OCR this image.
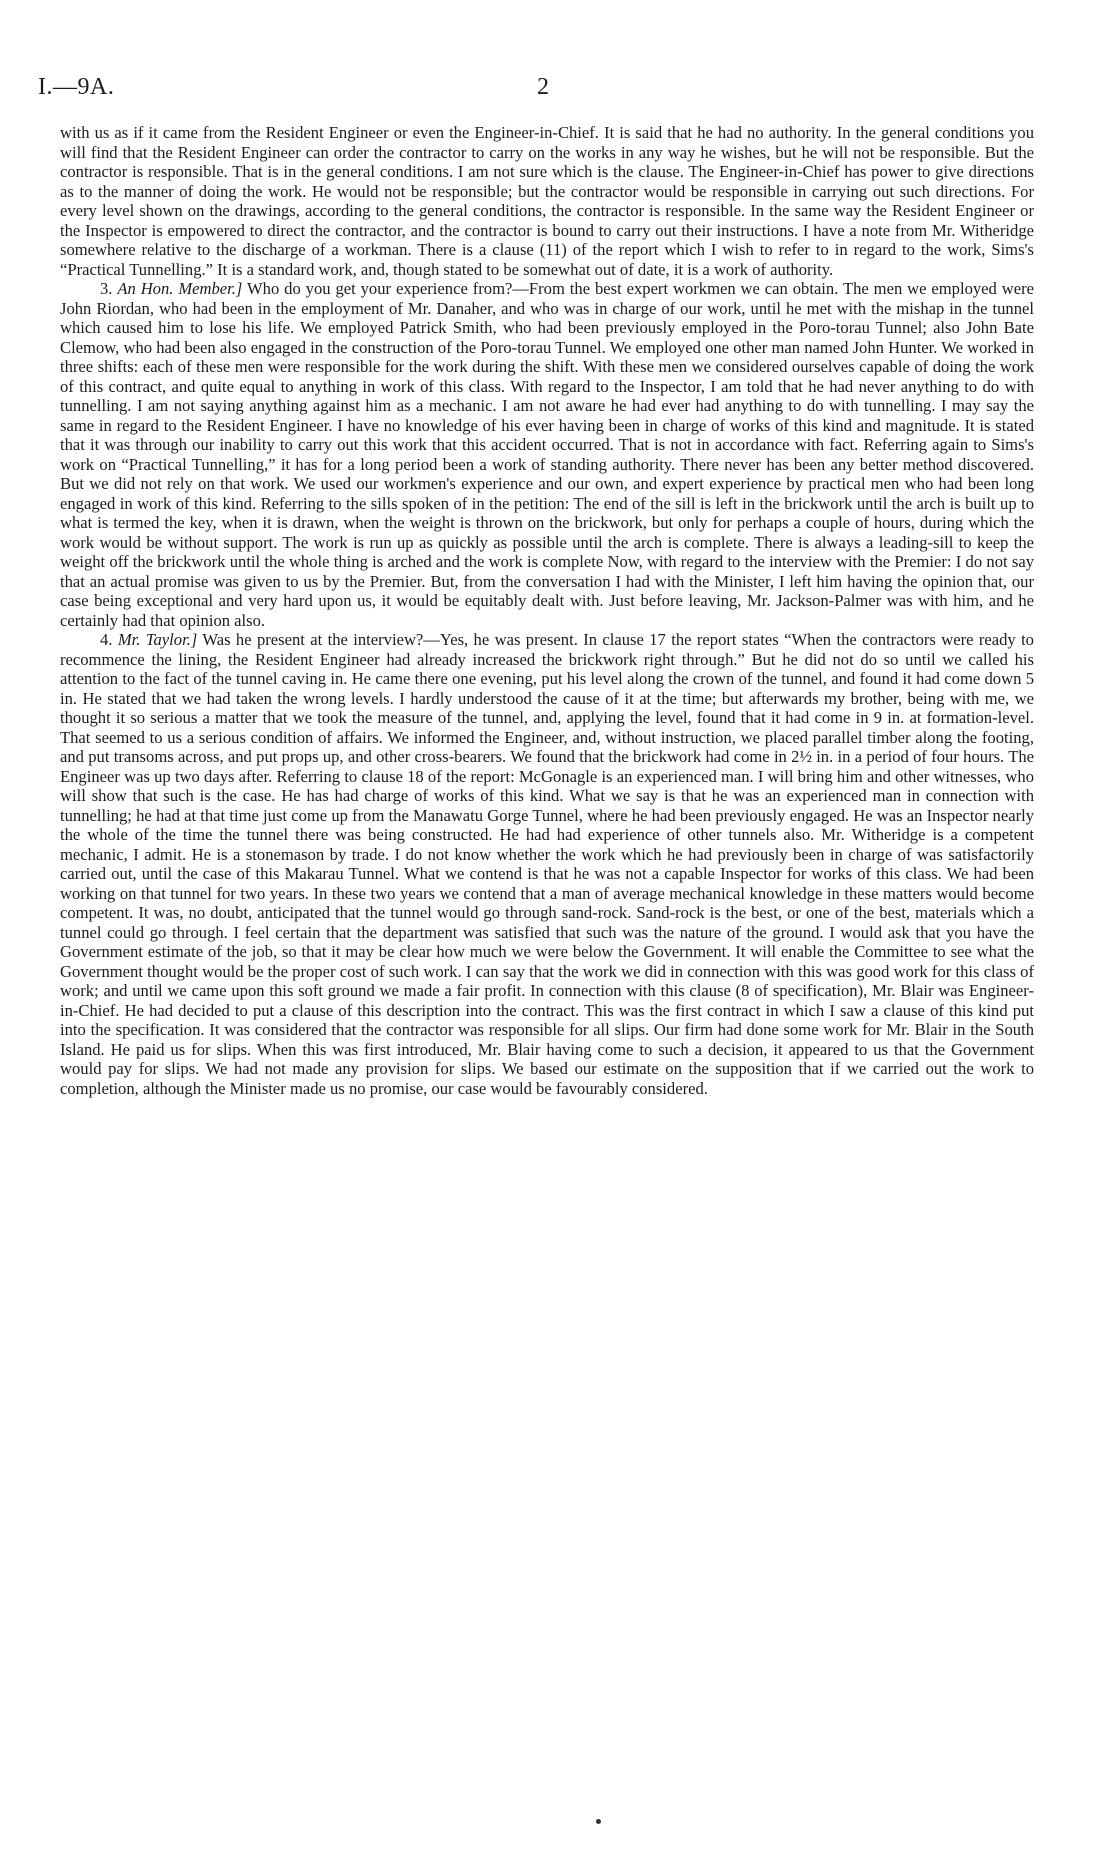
I.—9A.	2

with us as if it came from the Resident Engineer or even the Engineer-in-Chief. It is said that he had no authority. In the general conditions you will find that the Resident Engineer can order the contractor to carry on the works in any way he wishes, but he will not be responsible. But the contractor is responsible. That is in the general conditions. I am not sure which is the clause. The Engineer-in-Chief has power to give directions as to the manner of doing the work. He would not be responsible; but the contractor would be responsible in carrying out such directions. For every level shown on the drawings, according to the general conditions, the contractor is responsible. In the same way the Resident Engineer or the Inspector is empowered to direct the contractor, and the contractor is bound to carry out their instructions. I have a note from Mr. Witheridge somewhere relative to the discharge of a workman. There is a clause (11) of the report which I wish to refer to in regard to the work, Sims's “Practical Tunnelling.” It is a standard work, and, though stated to be somewhat out of date, it is a work of authority.

3. An Hon. Member.] Who do you get your experience from?—From the best expert workmen we can obtain. The men we employed were John Riordan, who had been in the employment of Mr. Danaher, and who was in charge of our work, until he met with the mishap in the tunnel which caused him to lose his life. We employed Patrick Smith, who had been previously employed in the Poro-torau Tunnel; also John Bate Clemow, who had been also engaged in the construction of the Poro-torau Tunnel. We employed one other man named John Hunter. We worked in three shifts: each of these men were responsible for the work during the shift. With these men we considered ourselves capable of doing the work of this contract, and quite equal to anything in work of this class. With regard to the Inspector, I am told that he had never anything to do with tunnelling. I am not saying anything against him as a mechanic. I am not aware he had ever had anything to do with tunnelling. I may say the same in regard to the Resident Engineer. I have no knowledge of his ever having been in charge of works of this kind and magnitude. It is stated that it was through our inability to carry out this work that this accident occurred. That is not in accordance with fact. Referring again to Sims's work on “Practical Tunnelling,” it has for a long period been a work of standing authority. There never has been any better method discovered. But we did not rely on that work. We used our workmen's experience and our own, and expert experience by practical men who had been long engaged in work of this kind. Referring to the sills spoken of in the petition: The end of the sill is left in the brickwork until the arch is built up to what is termed the key, when it is drawn, when the weight is thrown on the brickwork, but only for perhaps a couple of hours, during which the work would be without support. The work is run up as quickly as possible until the arch is complete. There is always a leading-sill to keep the weight off the brickwork until the whole thing is arched and the work is complete Now, with regard to the interview with the Premier: I do not say that an actual promise was given to us by the Premier. But, from the conversation I had with the Minister, I left him having the opinion that, our case being exceptional and very hard upon us, it would be equitably dealt with. Just before leaving, Mr. Jackson-Palmer was with him, and he certainly had that opinion also.

4. Mr. Taylor.] Was he present at the interview?—Yes, he was present. In clause 17 the report states “When the contractors were ready to recommence the lining, the Resident Engineer had already increased the brickwork right through.” But he did not do so until we called his attention to the fact of the tunnel caving in. He came there one evening, put his level along the crown of the tunnel, and found it had come down 5 in. He stated that we had taken the wrong levels. I hardly understood the cause of it at the time; but afterwards my brother, being with me, we thought it so serious a matter that we took the measure of the tunnel, and, applying the level, found that it had come in 9 in. at formation-level. That seemed to us a serious condition of affairs. We informed the Engineer, and, without instruction, we placed parallel timber along the footing, and put transoms across, and put props up, and other cross-bearers. We found that the brickwork had come in 2½ in. in a period of four hours. The Engineer was up two days after. Referring to clause 18 of the report: McGonagle is an experienced man. I will bring him and other witnesses, who will show that such is the case. He has had charge of works of this kind. What we say is that he was an experienced man in connection with tunnelling; he had at that time just come up from the Manawatu Gorge Tunnel, where he had been previously engaged. He was an Inspector nearly the whole of the time the tunnel there was being constructed. He had had experience of other tunnels also. Mr. Witheridge is a competent mechanic, I admit. He is a stonemason by trade. I do not know whether the work which he had previously been in charge of was satisfactorily carried out, until the case of this Makarau Tunnel. What we contend is that he was not a capable Inspector for works of this class. We had been working on that tunnel for two years. In these two years we contend that a man of average mechanical knowledge in these matters would become competent. It was, no doubt, anticipated that the tunnel would go through sand-rock. Sand-rock is the best, or one of the best, materials which a tunnel could go through. I feel certain that the department was satisfied that such was the nature of the ground. I would ask that you have the Government estimate of the job, so that it may be clear how much we were below the Government. It will enable the Committee to see what the Government thought would be the proper cost of such work. I can say that the work we did in connection with this was good work for this class of work; and until we came upon this soft ground we made a fair profit. In connection with this clause (8 of specification), Mr. Blair was Engineer-in-Chief. He had decided to put a clause of this description into the contract. This was the first contract in which I saw a clause of this kind put into the specification. It was considered that the contractor was responsible for all slips. Our firm had done some work for Mr. Blair in the South Island. He paid us for slips. When this was first introduced, Mr. Blair having come to such a decision, it appeared to us that the Government would pay for slips. We had not made any provision for slips. We based our estimate on the supposition that if we carried out the work to completion, although the Minister made us no promise, our case would be favourably considered.
